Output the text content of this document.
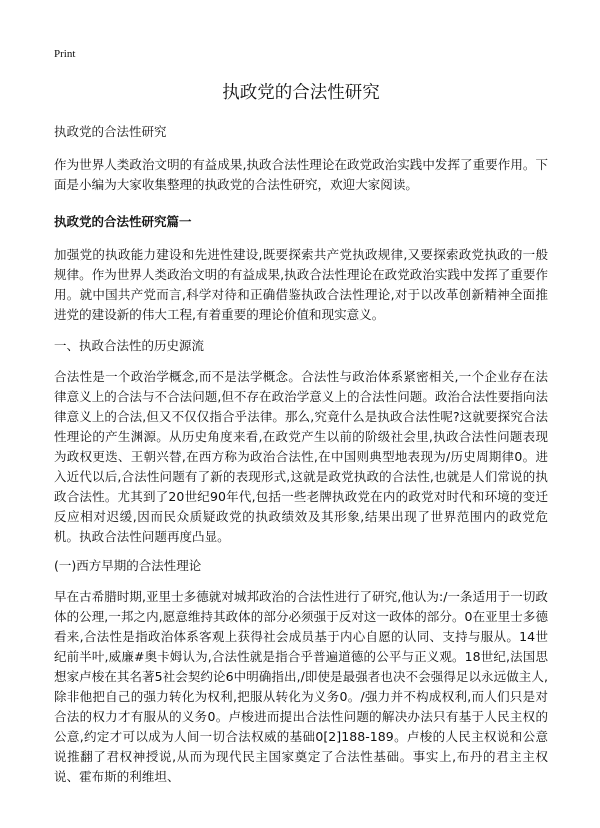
Print
执政党的合法性研究
执政党的合法性研究

作为世界人类政治文明的有益成果,执政合法性理论在政党政治实践中发挥了重要作用。下面是小编为大家收集整理的执政党的合法性研究，欢迎大家阅读。

执政党的合法性研究篇一

加强党的执政能力建设和先进性建设,既要探索共产党执政规律,又要探索政党执政的一般规律。作为世界人类政治文明的有益成果,执政合法性理论在政党政治实践中发挥了重要作用。就中国共产党而言,科学对待和正确借鉴执政合法性理论,对于以改革创新精神全面推进党的建设新的伟大工程,有着重要的理论价值和现实意义。

一、执政合法性的历史源流

合法性是一个政治学概念,而不是法学概念。合法性与政治体系紧密相关,一个企业存在法律意义上的合法与不合法问题,但不存在政治学意义上的合法性问题。政治合法性要指向法律意义上的合法,但又不仅仅指合乎法律。那么,究竟什么是执政合法性呢?这就要探究合法性理论的产生渊源。从历史角度来看,在政党产生以前的阶级社会里,执政合法性问题表现为政权更迭、王朝兴替,在西方称为政治合法性,在中国则典型地表现为/历史周期律0。进入近代以后,合法性问题有了新的表现形式,这就是政党执政的合法性,也就是人们常说的执政合法性。尤其到了20世纪90年代,包括一些老牌执政党在内的政党对时代和环境的变迁反应相对迟缓,因而民众质疑政党的执政绩效及其形象,结果出现了世界范围内的政党危机。执政合法性问题再度凸显。

(一)西方早期的合法性理论

早在古希腊时期,亚里士多德就对城邦政治的合法性进行了研究,他认为:/一条适用于一切政体的公理,一邦之内,愿意维持其政体的部分必须强于反对这一政体的部分。0在亚里士多德看来,合法性是指政治体系客观上获得社会成员基于内心自愿的认同、支持与服从。14世纪前半叶,威廉#奥卡姆认为,合法性就是指合乎普遍道德的公平与正义观。18世纪,法国思想家卢梭在其名著5社会契约论6中明确指出,/即使是最强者也决不会强得足以永远做主人,除非他把自己的强力转化为权利,把服从转化为义务0。/强力并不构成权利,而人们只是对合法的权力才有服从的义务0。卢梭进而提出合法性问题的解决办法只有基于人民主权的公意,约定才可以成为人间一切合法权威的基础0[2]188-189。卢梭的人民主权说和公意说推翻了君权神授说,从而为现代民主国家奠定了合法性基础。事实上,布丹的君主主权说、霍布斯的利维坦、
